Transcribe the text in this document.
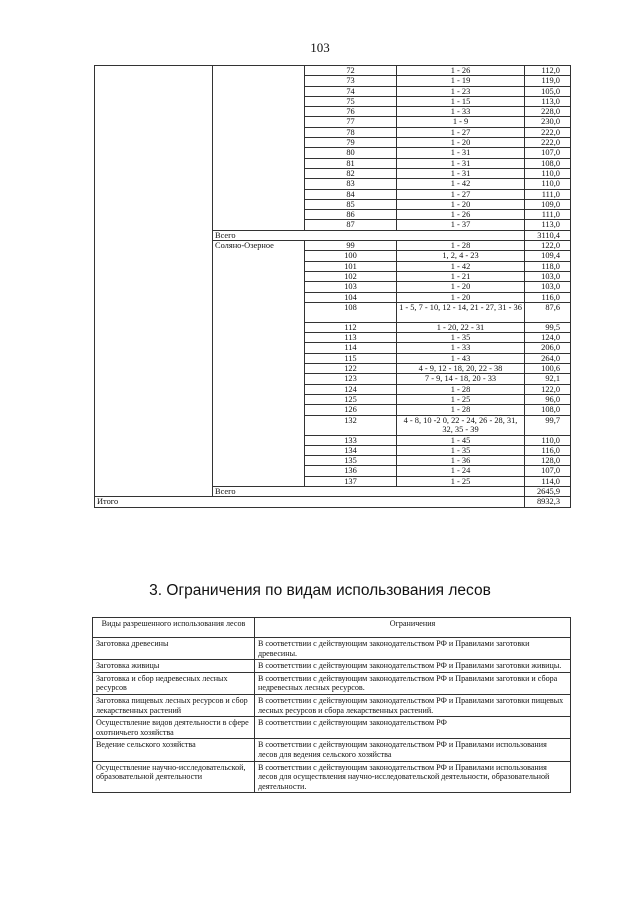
103
		72	1 - 26	112,0
		73	1 - 19	119,0
		74	1 - 23	105,0
		75	1 - 15	113,0
		76	1 - 33	228,0
		77	1 - 9	230,0
		78	1 - 27	222,0
		79	1 - 20	222,0
		80	1 - 31	107,0
		81	1 - 31	108,0
		82	1 - 31	110,0
		83	1 - 42	110,0
		84	1 - 27	111,0
		85	1 - 20	109,0
		86	1 - 26	111,0
		87	1 - 37	113,0
	Всего			3110,4
	Солянo-Озерное	99	1 - 28	122,0
		100	1, 2, 4 - 23	109,4
		101	1 - 42	118,0
		102	1 - 21	103,0
		103	1 - 20	103,0
		104	1 - 20	116,0
		108	1 - 5, 7 - 10, 12 - 14, 21 - 27, 31 - 36	87,6
		112	1 - 20, 22 - 31	99,5
		113	1 - 35	124,0
		114	1 - 33	206,0
		115	1 - 43	264,0
		122	4 - 9, 12 - 18, 20, 22 - 38	100,6
		123	7 - 9, 14 - 18, 20 - 33	92,1
		124	1 - 28	122,0
		125	1 - 25	96,0
		126	1 - 28	108,0
		132	4 - 8, 10 -2 0, 22 - 24, 26 - 28, 31, 32, 35 - 39	99,7
		133	1 - 45	110,0
		134	1 - 35	116,0
		135	1 - 36	128,0
		136	1 - 24	107,0
		137	1 - 25	114,0
	Всего			2645,9
Итого				8932,3
3. Ограничения по видам использования лесов
Виды разрешенного использования лесов	Ограничения
Заготовка древесины	В соответствии с действующим законодательством РФ и Правилами заготовки древесины.
Заготовка живицы	В соответствии с действующим законодательством РФ и Правилами заготовки живицы.
Заготовка и сбор недревесных лесных ресурсов	В соответствии с действующим законодательством РФ и Правилами заготовки и сбора недревесных лесных ресурсов.
Заготовка пищевых лесных ресурсов и сбор лекарственных растений	В соответствии с действующим законодательством РФ и Правилами заготовки пищевых лесных ресурсов и сбора лекарственных растений.
Осуществление видов деятельности в сфере охотничьего хозяйства	В соответствии с действующим законодательством РФ
Ведение сельского хозяйства	В соответствии с действующим законодательством РФ и Правилами использования лесов для ведения сельского хозяйства
Осуществление научно-исследовательской, образовательной деятельности	В соответствии с действующим законодательством РФ и Правилами использования лесов для осуществления научно-исследовательской деятельности, образовательной деятельности.
